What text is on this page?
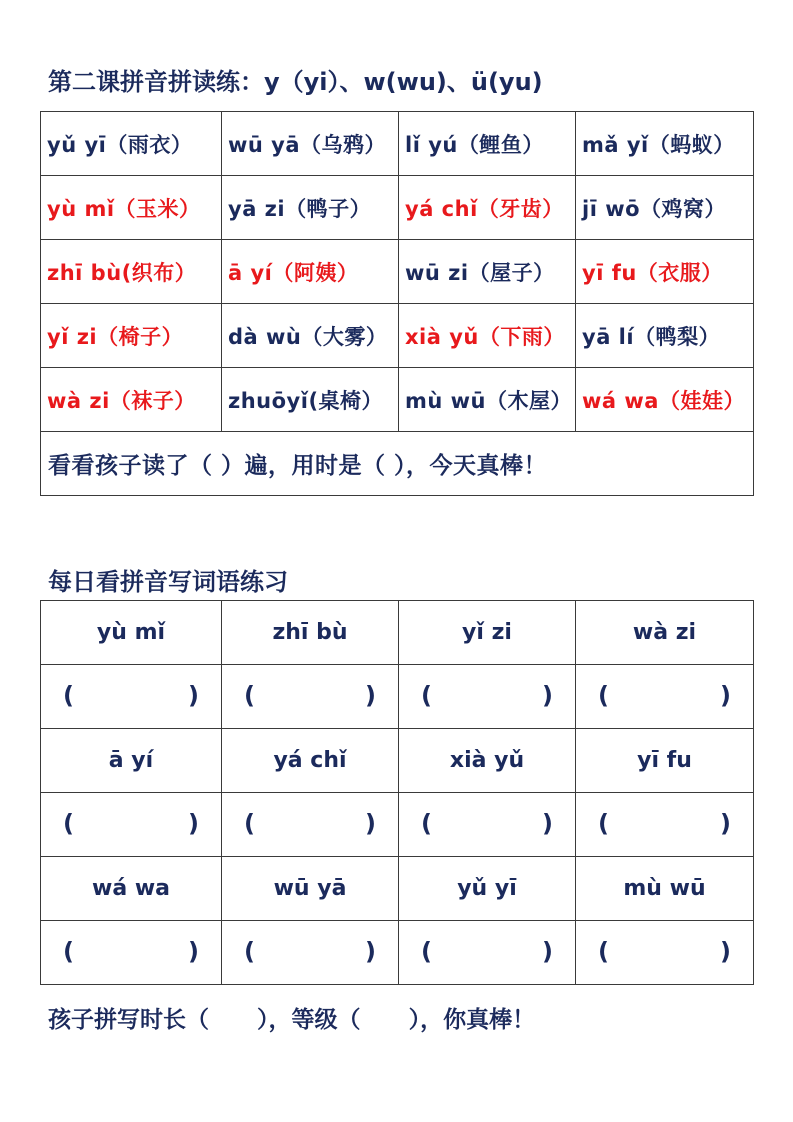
第二课拼音拼读练：y（yi）、w(wu)、ü(yu)
yǔ yī（雨衣）	wū yā（乌鸦）	lǐ yú（鲤鱼）	mǎ yǐ（蚂蚁）
yù mǐ（玉米）	yā zi（鸭子）	yá chǐ（牙齿）	jī wō（鸡窝）
zhī bù(织布）	ā yí（阿姨）	wū zi（屋子）	yī fu（衣服）
yǐ zi（椅子）	dà wù（大雾）	xià yǔ（下雨）	yā lí（鸭梨）
wà zi（袜子）	zhuōyǐ(桌椅）	mù wū（木屋）	wá wa（娃娃）
看看孩子读了（ ）遍，用时是（ ），今天真棒！			
每日看拼音写词语练习
yù mǐ	zhī bù	yǐ zi	wà zi

( )	( )	( )	( )

ā yí	yá chǐ	xià yǔ	yī fu

( )	( )	( )	( )

wá wa	wū yā	yǔ yī	mù wū

( )	( )	( )	( )
孩子拼写时长（      ），等级（      ），你真棒！
